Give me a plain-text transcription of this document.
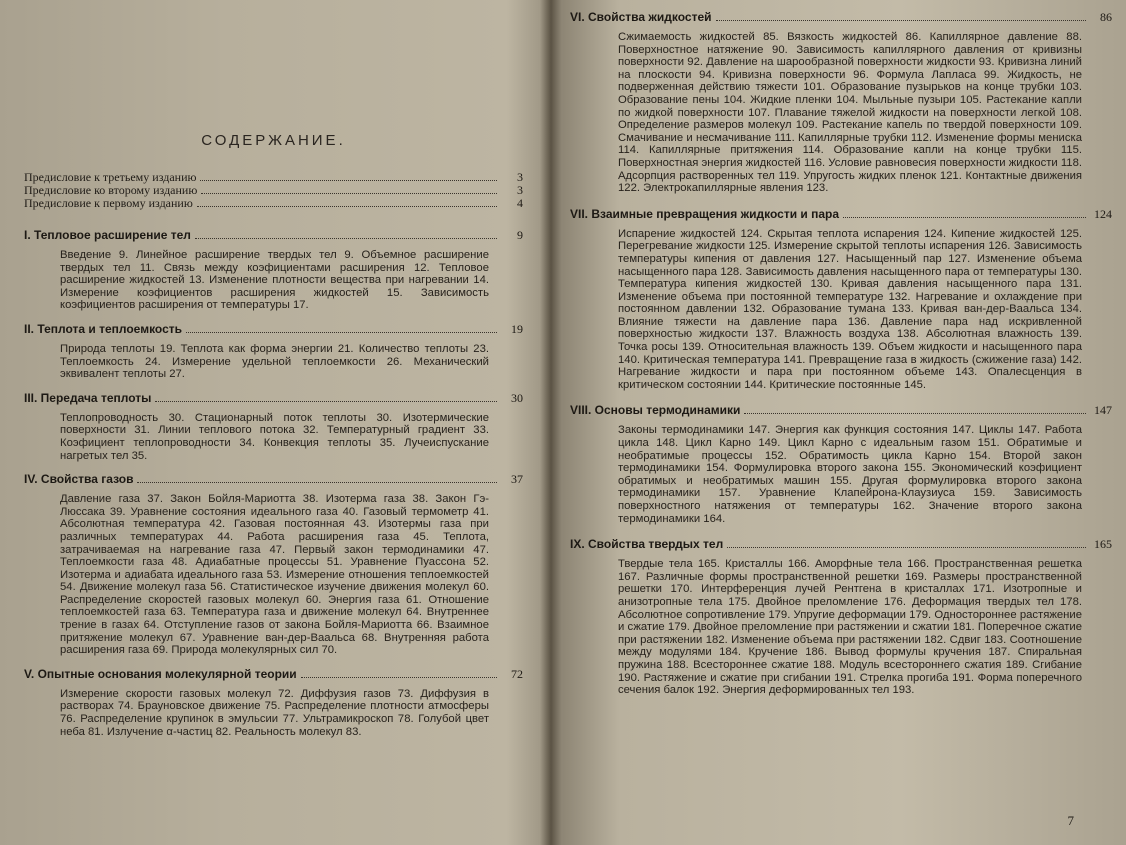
СОДЕРЖАНИЕ.
Предисловие к третьему изданию	3
Предисловие ко второму изданию	3
Предисловие к первому изданию	4
I. Тепловое расширение тел	9
Введение 9. Линейное расширение твердых тел 9. Объемное расширение твердых тел 11. Связь между коэфициентами расширения 12. Тепловое расширение жидкостей 13. Изменение плотности вещества при нагревании 14. Измерение коэфициентов расширения жидкостей 15. Зависимость коэфициентов расширения от температуры 17.
II. Теплота и теплоемкость	19
Природа теплоты 19. Теплота как форма энергии 21. Количество теплоты 23. Теплоемкость 24. Измерение удельной теплоемкости 26. Механический эквивалент теплоты 27.
III. Передача теплоты	30
Теплопроводность 30. Стационарный поток теплоты 30. Изотермические поверхности 31. Линии теплового потока 32. Температурный градиент 33. Коэфициент теплопроводности 34. Конвекция теплоты 35. Лучеиспускание нагретых тел 35.
IV. Свойства газов	37
Давление газа 37. Закон Бойля-Мариотта 38. Изотерма газа 38. Закон Гэ-Люссака 39. Уравнение состояния идеального газа 40. Газовый термометр 41. Абсолютная температура 42. Газовая постоянная 43. Изотермы газа при различных температурах 44. Работа расширения газа 45. Теплота, затрачиваемая на нагревание газа 47. Первый закон термодинамики 47. Теплоемкости газа 48. Адиабатные процессы 51. Уравнение Пуассона 52. Изотерма и адиабата идеального газа 53. Измерение отношения теплоемкостей 54. Движение молекул газа 56. Статистическое изучение движения молекул 60. Распределение скоростей газовых молекул 60. Энергия газа 61. Отношение теплоемкостей газа 63. Температура газа и движение молекул 64. Внутреннее трение в газах 64. Отступление газов от закона Бойля-Мариотта 66. Взаимное притяжение молекул 67. Уравнение ван-дер-Ваальса 68. Внутренняя работа расширения газа 69. Природа молекулярных сил 70.
V. Опытные основания молекулярной теории	72
Измерение скорости газовых молекул 72. Диффузия газов 73. Диффузия в растворах 74. Брауновское движение 75. Распределение плотности атмосферы 76. Распределение крупинок в эмульсии 77. Ультрамикроскоп 78. Голубой цвет неба 81. Излучение α-частиц 82. Реальность молекул 83.
VI. Свойства жидкостей	86
Сжимаемость жидкостей 85. Вязкость жидкостей 86. Капиллярное давление 88. Поверхностное натяжение 90. Зависимость капиллярного давления от кривизны поверхности 92. Давление на шарообразной поверхности жидкости 93. Кривизна линий на плоскости 94. Кривизна поверхности 96. Формула Лапласа 99. Жидкость, не подверженная действию тяжести 101. Образование пузырьков на конце трубки 103. Образование пены 104. Жидкие пленки 104. Мыльные пузыри 105. Растекание капли по жидкой поверхности 107. Плавание тяжелой жидкости на поверхности легкой 108. Определение размеров молекул 109. Растекание капель по твердой поверхности 109. Смачивание и несмачивание 111. Капиллярные трубки 112. Изменение формы мениска 114. Капиллярные притяжения 114. Образование капли на конце трубки 115. Поверхностная энергия жидкостей 116. Условие равновесия поверхности жидкости 118. Адсорпция растворенных тел 119. Упругость жидких пленок 121. Контактные движения 122. Электрокапиллярные явления 123.
VII. Взаимные превращения жидкости и пара	124
Испарение жидкостей 124. Скрытая теплота испарения 124. Кипение жидкостей 125. Перегревание жидкости 125. Измерение скрытой теплоты испарения 126. Зависимость температуры кипения от давления 127. Насыщенный пар 127. Изменение объема насыщенного пара 128. Зависимость давления насыщенного пара от температуры 130. Температура кипения жидкостей 130. Кривая давления насыщенного пара 131. Изменение объема при постоянной температуре 132. Нагревание и охлаждение при постоянном давлении 132. Образование тумана 133. Кривая ван-дер-Ваальса 134. Влияние тяжести на давление пара 136. Давление пара над искривленной поверхностью жидкости 137. Влажность воздуха 138. Абсолютная влажность 139. Точка росы 139. Относительная влажность 139. Объем жидкости и насыщенного пара 140. Критическая температура 141. Превращение газа в жидкость (сжижение газа) 142. Нагревание жидкости и пара при постоянном объеме 143. Опалесценция в критическом состоянии 144. Критические постоянные 145.
VIII. Основы термодинамики	147
Законы термодинамики 147. Энергия как функция состояния 147. Циклы 147. Работа цикла 148. Цикл Карно 149. Цикл Карно с идеальным газом 151. Обратимые и необратимые процессы 152. Обратимость цикла Карно 154. Второй закон термодинамики 154. Формулировка второго закона 155. Экономический коэфициент обратимых и необратимых машин 155. Другая формулировка второго закона термодинамики 157. Уравнение Клапейрона-Клаузиуса 159. Зависимость поверхностного натяжения от температуры 162. Значение второго закона термодинамики 164.
IX. Свойства твердых тел	165
Твердые тела 165. Кристаллы 166. Аморфные тела 166. Пространственная решетка 167. Различные формы пространственной решетки 169. Размеры пространственной решетки 170. Интерференция лучей Рентгена в кристаллах 171. Изотропные и анизотропные тела 175. Двойное преломление 176. Деформация твердых тел 178. Абсолютное сопротивление 179. Упругие деформации 179. Одностороннее растяжение и сжатие 179. Двойное преломление при растяжении и сжатии 181. Поперечное сжатие при растяжении 182. Изменение объема при растяжении 182. Сдвиг 183. Соотношение между модулями 184. Кручение 186. Вывод формулы кручения 187. Спиральная пружина 188. Всестороннее сжатие 188. Модуль всестороннего сжатия 189. Сгибание 190. Растяжение и сжатие при сгибании 191. Стрелка прогиба 191. Форма поперечного сечения балок 192. Энергия деформированных тел 193.
7
